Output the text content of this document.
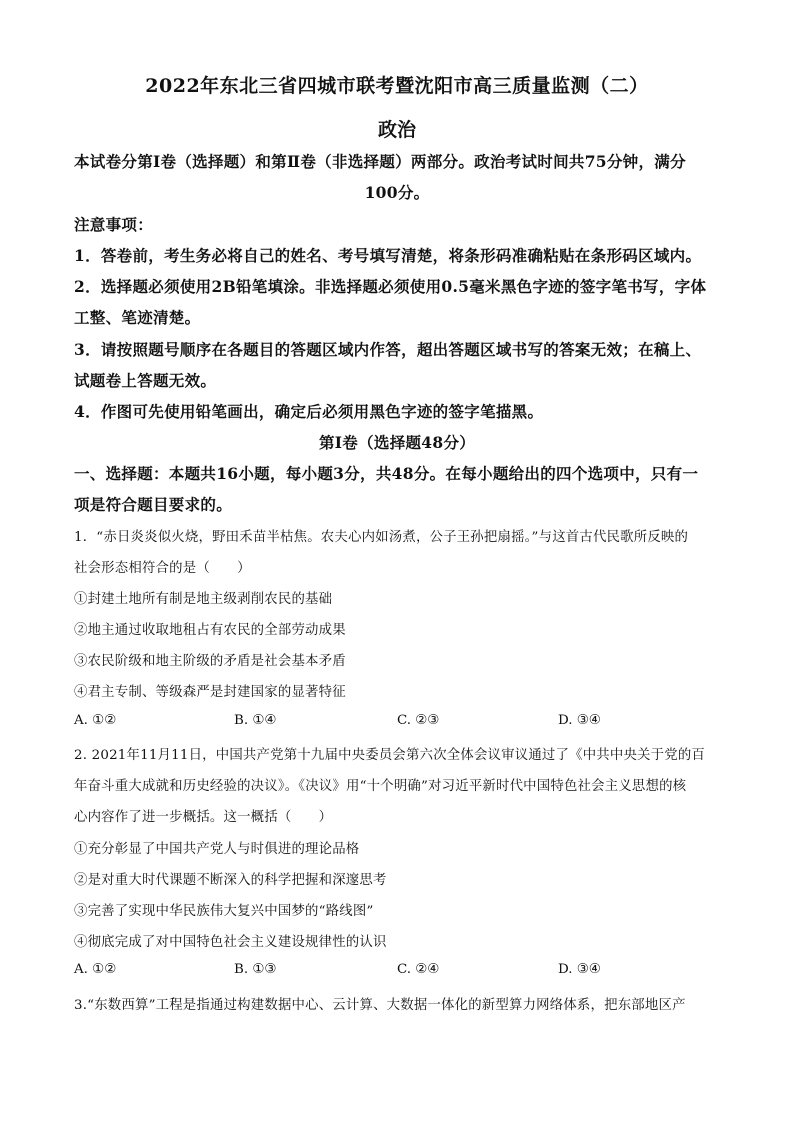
2022年东北三省四城市联考暨沈阳市高三质量监测（二）
政治
本试卷分第Ⅰ卷（选择题）和第Ⅱ卷（非选择题）两部分。政治考试时间共75分钟，满分
100分。
注意事项：
1．答卷前，考生务必将自己的姓名、考号填写清楚，将条形码准确粘贴在条形码区域内。
2．选择题必须使用2B铅笔填涂。非选择题必须使用0.5毫米黑色字迹的签字笔书写，字体
工整、笔迹清楚。
3．请按照题号顺序在各题目的答题区域内作答，超出答题区域书写的答案无效；在稿上、
试题卷上答题无效。
4．作图可先使用铅笔画出，确定后必须用黑色字迹的签字笔描黑。
第Ⅰ卷（选择题48分）
一、选择题：本题共16小题，每小题3分，共48分。在每小题给出的四个选项中，只有一
项是符合题目要求的。
1．“赤日炎炎似火烧，野田禾苗半枯焦。农夫心内如汤煮，公子王孙把扇摇。”与这首古代民歌所反映的
社会形态相符合的是（　　）
①封建土地所有制是地主级剥削农民的基础
②地主通过收取地租占有农民的全部劳动成果
③农民阶级和地主阶级的矛盾是社会基本矛盾
④君主专制、等级森严是封建国家的显著特征
A. ①②	B. ①④	C. ②③	D. ③④
2. 2021年11月11日，中国共产党第十九届中央委员会第六次全体会议审议通过了《中共中央关于党的百
年奋斗重大成就和历史经验的决议》。《决议》用“十个明确”对习近平新时代中国特色社会主义思想的核
心内容作了进一步概括。这一概括（　　）
①充分彰显了中国共产党人与时俱进的理论品格
②是对重大时代课题不断深入的科学把握和深邃思考
③完善了实现中华民族伟大复兴中国梦的“路线图”
④彻底完成了对中国特色社会主义建设规律性的认识
A. ①②	B. ①③	C. ②④	D. ③④
3.“东数西算”工程是指通过构建数据中心、云计算、大数据一体化的新型算力网络体系，把东部地区产
